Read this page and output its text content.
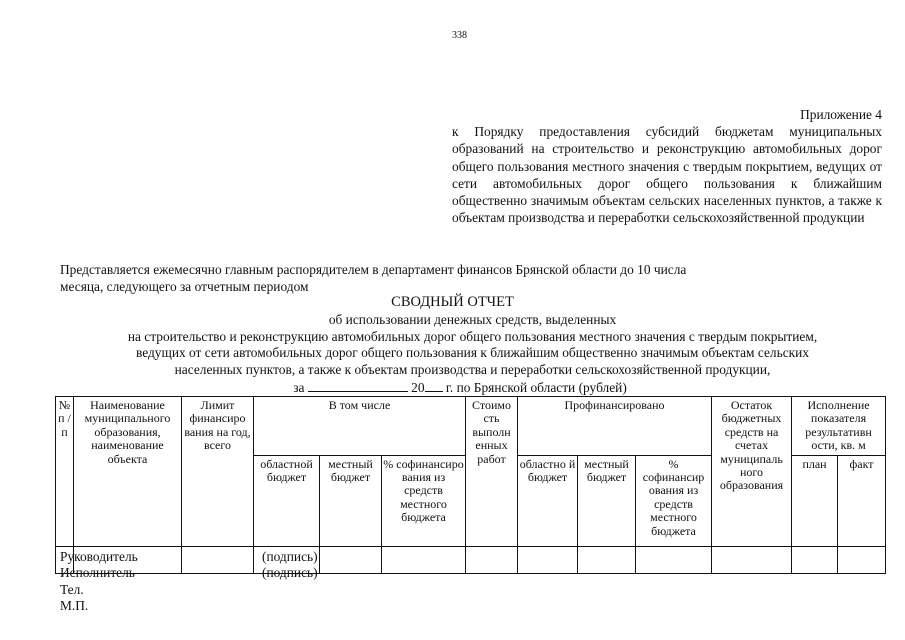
338
Приложение 4
к Порядку предоставления субсидий бюджетам муниципальных образований на строительство и реконструкцию автомобильных дорог общего пользования местного значения с твердым покрытием, ведущих от сети автомобильных дорог общего пользования к ближайшим общественно значимым объектам сельских населенных пунктов, а также к объектам производства и переработки сельскохозяйственной продукции
Представляется ежемесячно главным распорядителем в департамент финансов Брянской области до 10 числа
месяца, следующего за отчетным периодом
СВОДНЫЙ ОТЧЕТ
об использовании денежных средств, выделенных
на строительство и реконструкцию автомобильных дорог общего пользования местного значения с твердым покрытием,
ведущих от сети автомобильных дорог общего пользования к ближайшим общественно значимым объектам сельских
населенных пунктов, а также к объектам производства и переработки сельскохозяйственной продукции,
за	20 г. по Брянской области (рублей)
№ п / п	Наименование муниципального образования, наименование объекта	Лимит финансиро вания на год, всего	В том числе			Стоимо сть выполн енных работ	Профинансировано			Остаток бюджетных средств на счетах муниципаль ного образования	Исполнение показателя результативн ости, кв. м	
			областной бюджет	местный бюджет	% софинансиро вания из средств местного бюджета		областно й бюджет	местный бюджет	% софинансир ования из средств местного бюджета		план	факт

Руководитель
Исполнитель
Тел.
М.П.
(подпись)
(подпись)
